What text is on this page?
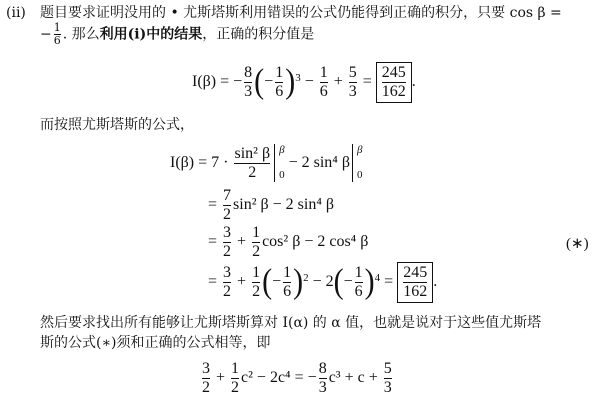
(ii) 题目要求证明没用的 • 尤斯塔斯利用错误的公式仍能得到正确的积分，只要 cos β =
− $\frac{1}{6}$ . 那么利用(i)中的结果，正确的积分值是
I(β) = − $\frac{8}{3}$ ( − $\frac{1}{6}$ ) 3
−
$\frac{1}{6}$
+
$\frac{5}{3}$
=
$\frac{245}{162}$ .
而按照尤斯塔斯的公式，
I(β) = 7 ·
$\frac{\text{sin² β}}{2}$ β
0

− 2 sin⁴ β
β
0
=
$\frac{7}{2} \sin^2$ β − 2 sin⁴ β
=
$\frac{3}{2}$
+
$\frac{1}{2} \cos^2$ β − 2 cos⁴ β	(∗)
=
$\frac{3}{2}$
+
$\frac{1}{2}$ ( − $\frac{1}{6}$ ) 2
− 2 ( − $\frac{1}{6}$ ) 4
=
$\frac{245}{162}$ .
然后要求找出所有能够让尤斯塔斯算对 I(α) 的 α 值，也就是说对于这些值尤斯塔
斯的公式(∗)须和正确的公式相等，即
$\frac{3}{2}$
+
$\frac{1}{2} c^2 - 2c^4$ = − $\frac{8}{3} c^3 + c$ +
$\frac{5}{3}$
